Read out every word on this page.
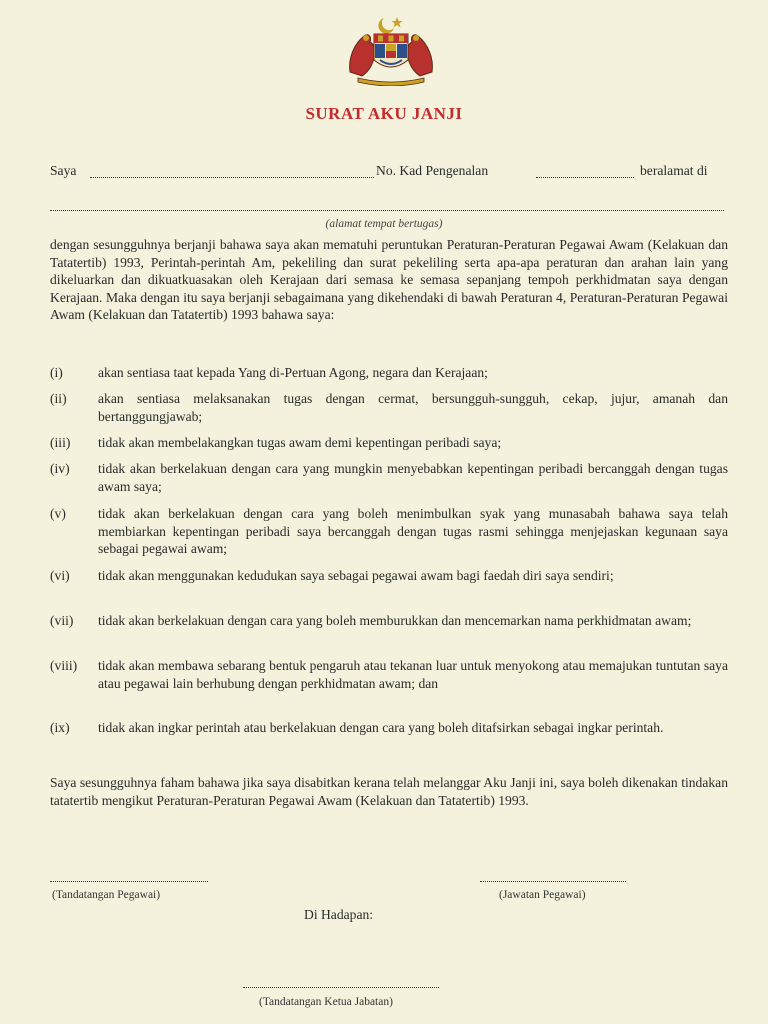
SURAT AKU JANJI
Saya	No. Kad Pengenalan	beralamat di
(alamat tempat bertugas)
dengan sesungguhnya berjanji bahawa saya akan mematuhi peruntukan Peraturan-Peraturan Pegawai Awam (Kelakuan dan Tatatertib) 1993, Perintah-perintah Am, pekeliling dan surat pekeliling serta apa-apa peraturan dan arahan lain yang dikeluarkan dan dikuatkuasakan oleh Kerajaan dari semasa ke semasa sepanjang tempoh perkhidmatan saya dengan Kerajaan. Maka dengan itu saya berjanji sebagaimana yang dikehendaki di bawah Peraturan 4, Peraturan-Peraturan Pegawai Awam (Kelakuan dan Tatatertib) 1993 bahawa saya:
(i)	akan sentiasa taat kepada Yang di-Pertuan Agong, negara dan Kerajaan;
(ii) akan sentiasa melaksanakan tugas dengan cermat, bersungguh-sungguh, cekap, jujur, amanah dan bertanggungjawab;
(iii) tidak akan membelakangkan tugas awam demi kepentingan peribadi saya;
(iv) tidak akan berkelakuan dengan cara yang mungkin menyebabkan kepentingan peribadi bercanggah dengan tugas awam saya;
(v) tidak akan berkelakuan dengan cara yang boleh menimbulkan syak yang munasabah bahawa saya telah membiarkan kepentingan peribadi saya bercanggah dengan tugas rasmi sehingga menjejaskan kegunaan saya sebagai pegawai awam;
(vi) tidak akan menggunakan kedudukan saya sebagai pegawai awam bagi faedah diri saya sendiri;
(vii) tidak akan berkelakuan dengan cara yang boleh memburukkan dan mencemarkan nama perkhidmatan awam;
(viii) tidak akan membawa sebarang bentuk pengaruh atau tekanan luar untuk menyokong atau memajukan tuntutan saya atau pegawai lain berhubung dengan perkhidmatan awam; dan
(ix) tidak akan ingkar perintah atau berkelakuan dengan cara yang boleh ditafsirkan sebagai ingkar perintah.
Saya sesungguhnya faham bahawa jika saya disabitkan kerana telah melanggar Aku Janji ini, saya boleh dikenakan tindakan tatatertib mengikut Peraturan-Peraturan Pegawai Awam (Kelakuan dan Tatatertib) 1993.
(Tandatangan Pegawai)	(Jawatan Pegawai)
Di Hadapan:
(Tandatangan Ketua Jabatan)
